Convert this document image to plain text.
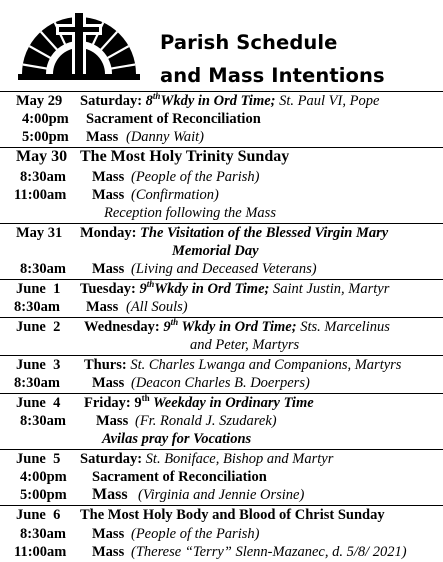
Parish Schedule
and Mass Intentions
May 29 Saturday: 8thWkdy in Ord Time; St. Paul VI, Pope
4:00pm Sacrament of Reconciliation
5:00pm Mass (Danny Wait)
May 30 The Most Holy Trinity Sunday
8:30am Mass (People of the Parish)
11:00am Mass (Confirmation)
Reception following the Mass
May 31 Monday: The Visitation of the Blessed Virgin Mary
Memorial Day
8:30am Mass (Living and Deceased Veterans)
June  1 Tuesday: 9thWkdy in Ord Time; Saint Justin, Martyr
8:30am Mass (All Souls)
June  2 Wednesday: 9th Wkdy in Ord Time; Sts. Marcelinus
and Peter, Martyrs
June  3 Thurs: St. Charles Lwanga and Companions, Martyrs
8:30am Mass (Deacon Charles B. Doerpers)
June  4 Friday: 9th Weekday in Ordinary Time
8:30am Mass (Fr. Ronald J. Szudarek)
Avilas pray for Vocations
June  5 Saturday: St. Boniface, Bishop and Martyr
4:00pm Sacrament of Reconciliation
5:00pm Mass (Virginia and Jennie Orsine)
June  6 The Most Holy Body and Blood of Christ Sunday
8:30am Mass (People of the Parish)
11:00am Mass (Therese “Terry” Slenn-Mazanec, d. 5/8/ 2021)
